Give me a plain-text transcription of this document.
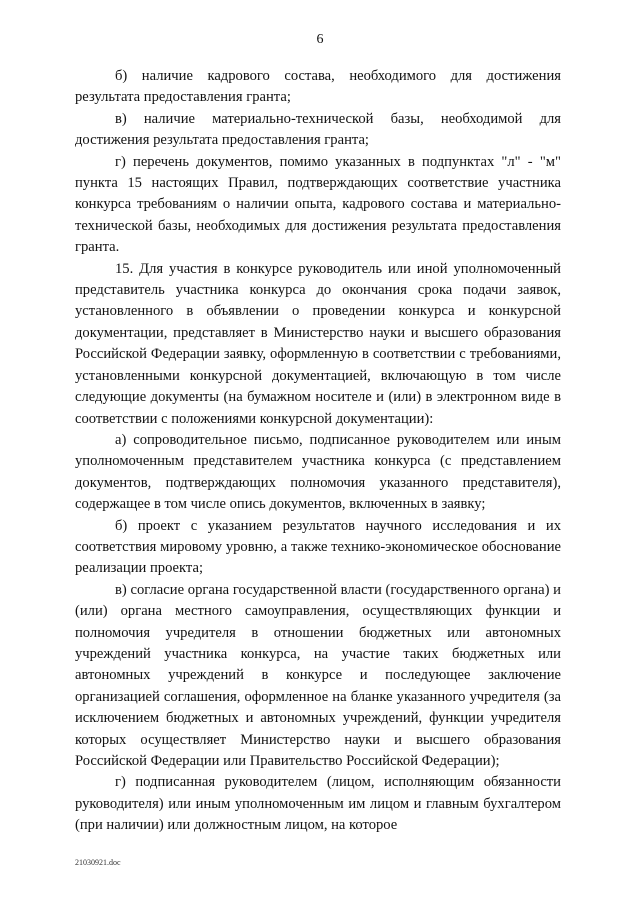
6

б) наличие кадрового состава, необходимого для достижения результата предоставления гранта;

в) наличие материально-технической базы, необходимой для достижения результата предоставления гранта;

г) перечень документов, помимо указанных в подпунктах "л" - "м" пункта 15 настоящих Правил, подтверждающих соответствие участника конкурса требованиям о наличии опыта, кадрового состава и материально-технической базы, необходимых для достижения результата предоставления гранта.

15. Для участия в конкурсе руководитель или иной уполномоченный представитель участника конкурса до окончания срока подачи заявок, установленного в объявлении о проведении конкурса и конкурсной документации, представляет в Министерство науки и высшего образования Российской Федерации заявку, оформленную в соответствии с требованиями, установленными конкурсной документацией, включающую в том числе следующие документы (на бумажном носителе и (или) в электронном виде в соответствии с положениями конкурсной документации):

а) сопроводительное письмо, подписанное руководителем или иным уполномоченным представителем участника конкурса (с представлением документов, подтверждающих полномочия указанного представителя), содержащее в том числе опись документов, включенных в заявку;

б) проект с указанием результатов научного исследования и их соответствия мировому уровню, а также технико-экономическое обоснование реализации проекта;

в) согласие органа государственной власти (государственного органа) и (или) органа местного самоуправления, осуществляющих функции и полномочия учредителя в отношении бюджетных или автономных учреждений участника конкурса, на участие таких бюджетных или автономных учреждений в конкурсе и последующее заключение организацией соглашения, оформленное на бланке указанного учредителя (за исключением бюджетных и автономных учреждений, функции учредителя которых осуществляет Министерство науки и высшего образования Российской Федерации или Правительство Российской Федерации);

г) подписанная руководителем (лицом, исполняющим обязанности руководителя) или иным уполномоченным им лицом и главным бухгалтером (при наличии) или должностным лицом, на которое

21030921.doc
